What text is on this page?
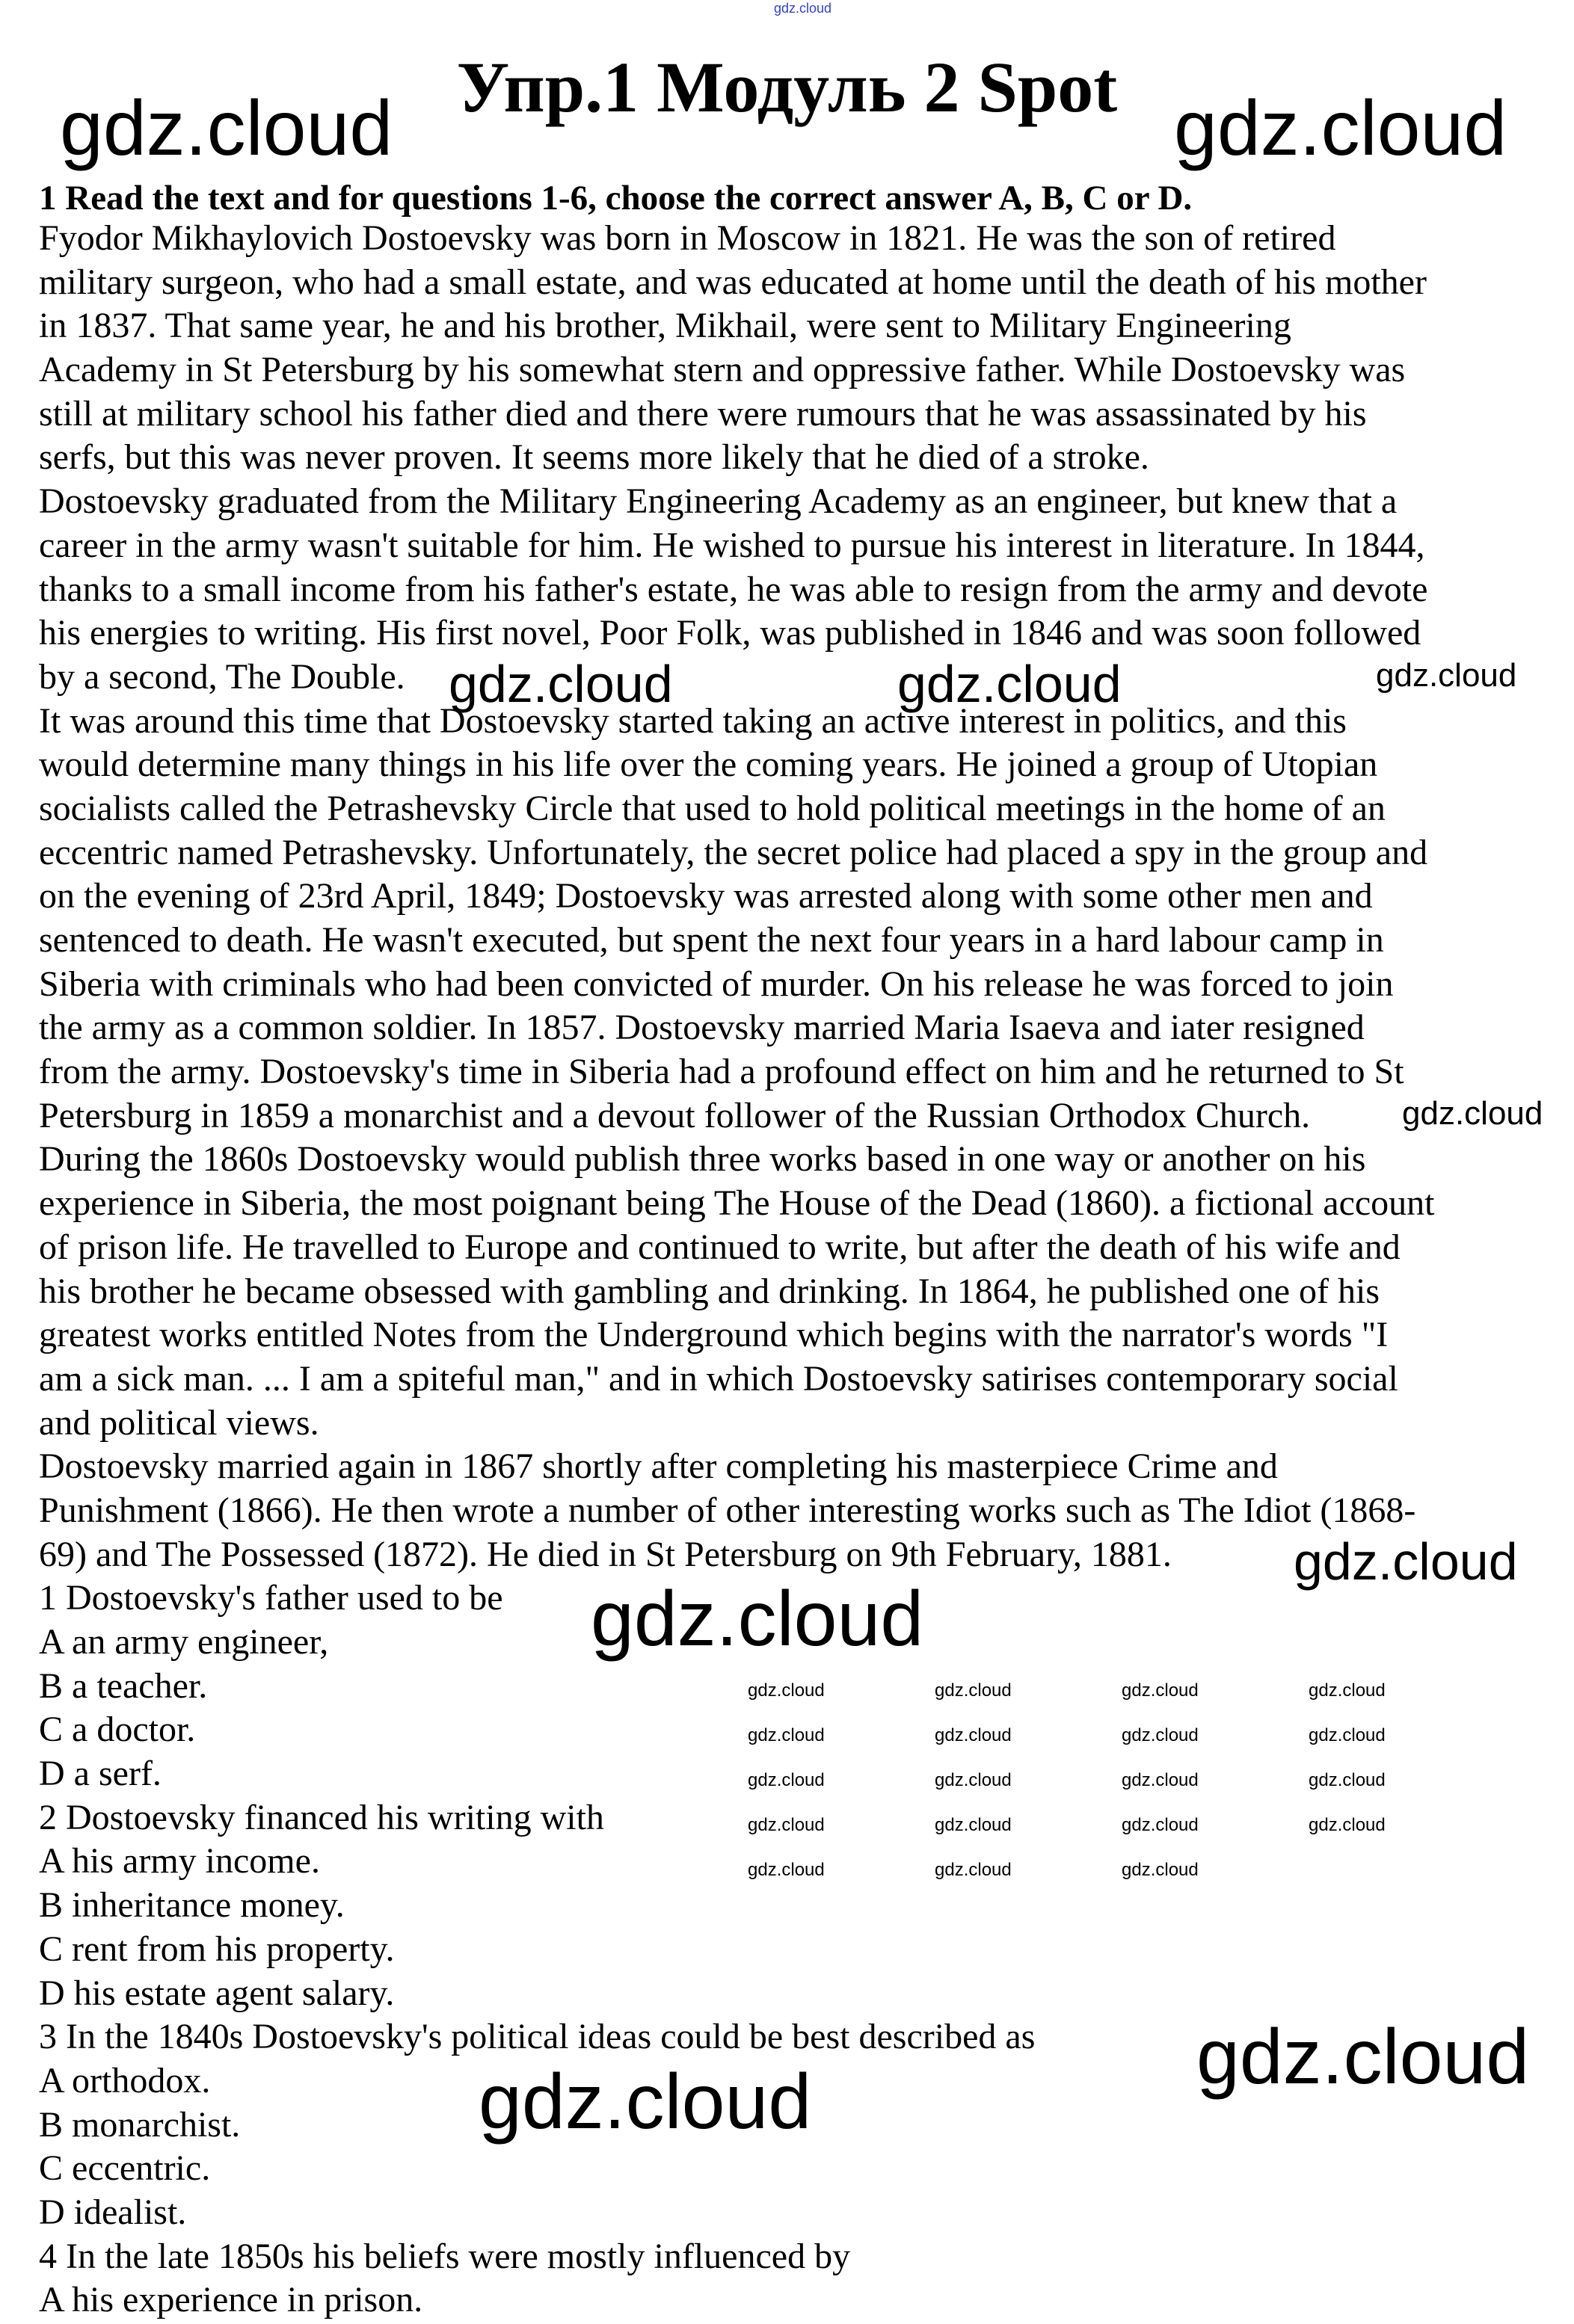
Упр.1 Модуль 2 Spot
1 Read the text and for questions 1-6, choose the correct answer A, B, C or D.
Fyodor Mikhaylovich Dostoevsky was born in Moscow in 1821. He was the son of retired
military surgeon, who had a small estate, and was educated at home until the death of his mother
in 1837. That same year, he and his brother, Mikhail, were sent to Military Engineering
Academy in St Petersburg by his somewhat stern and oppressive father. While Dostoevsky was
still at military school his father died and there were rumours that he was assassinated by his
serfs, but this was never proven. It seems more likely that he died of a stroke.
Dostoevsky graduated from the Military Engineering Academy as an engineer, but knew that a
career in the army wasn't suitable for him. He wished to pursue his interest in literature. In 1844,
thanks to a small income from his father's estate, he was able to resign from the army and devote
his energies to writing. His first novel, Poor Folk, was published in 1846 and was soon followed
by a second, The Double.
It was around this time that Dostoevsky started taking an active interest in politics, and this
would determine many things in his life over the coming years. He joined a group of Utopian
socialists called the Petrashevsky Circle that used to hold political meetings in the home of an
eccentric named Petrashevsky. Unfortunately, the secret police had placed a spy in the group and
on the evening of 23rd April, 1849; Dostoevsky was arrested along with some other men and
sentenced to death. He wasn't executed, but spent the next four years in a hard labour camp in
Siberia with criminals who had been convicted of murder. On his release he was forced to join
the army as a common soldier. In 1857. Dostoevsky married Maria Isaeva and iater resigned
from the army. Dostoevsky's time in Siberia had a profound effect on him and he returned to St
Petersburg in 1859 a monarchist and a devout follower of the Russian Orthodox Church.
During the 1860s Dostoevsky would publish three works based in one way or another on his
experience in Siberia, the most poignant being The House of the Dead (1860). a fictional account
of prison life. He travelled to Europe and continued to write, but after the death of his wife and
his brother he became obsessed with gambling and drinking. In 1864, he published one of his
greatest works entitled Notes from the Underground which begins with the narrator's words "I
am a sick man. ... I am a spiteful man," and in which Dostoevsky satirises contemporary social
and political views.
Dostoevsky married again in 1867 shortly after completing his masterpiece Crime and
Punishment (1866). He then wrote a number of other interesting works such as The Idiot (1868-
69) and The Possessed (1872). He died in St Petersburg on 9th February, 1881.
1 Dostoevsky's father used to be
A an army engineer,
B a teacher.
C a doctor.
D a serf.
2 Dostoevsky financed his writing with
A his army income.
B inheritance money.
C rent from his property.
D his estate agent salary.
3 In the 1840s Dostoevsky's political ideas could be best described as
A orthodox.
B monarchist.
C eccentric.
D idealist.
4 In the late 1850s his beliefs were mostly influenced by
A his experience in prison.
gdz.cloud
gdz.cloud	gdz.cloud
gdz.cloud	gdz.cloud	gdz.cloud
gdz.cloud
gdz.cloud
gdz.cloud
gdz.cloud
gdz.cloud
gdz.cloud	gdz.cloud	gdz.cloud	gdz.cloud
gdz.cloud	gdz.cloud	gdz.cloud	gdz.cloud
gdz.cloud	gdz.cloud	gdz.cloud	gdz.cloud
gdz.cloud	gdz.cloud	gdz.cloud	gdz.cloud
gdz.cloud	gdz.cloud	gdz.cloud
